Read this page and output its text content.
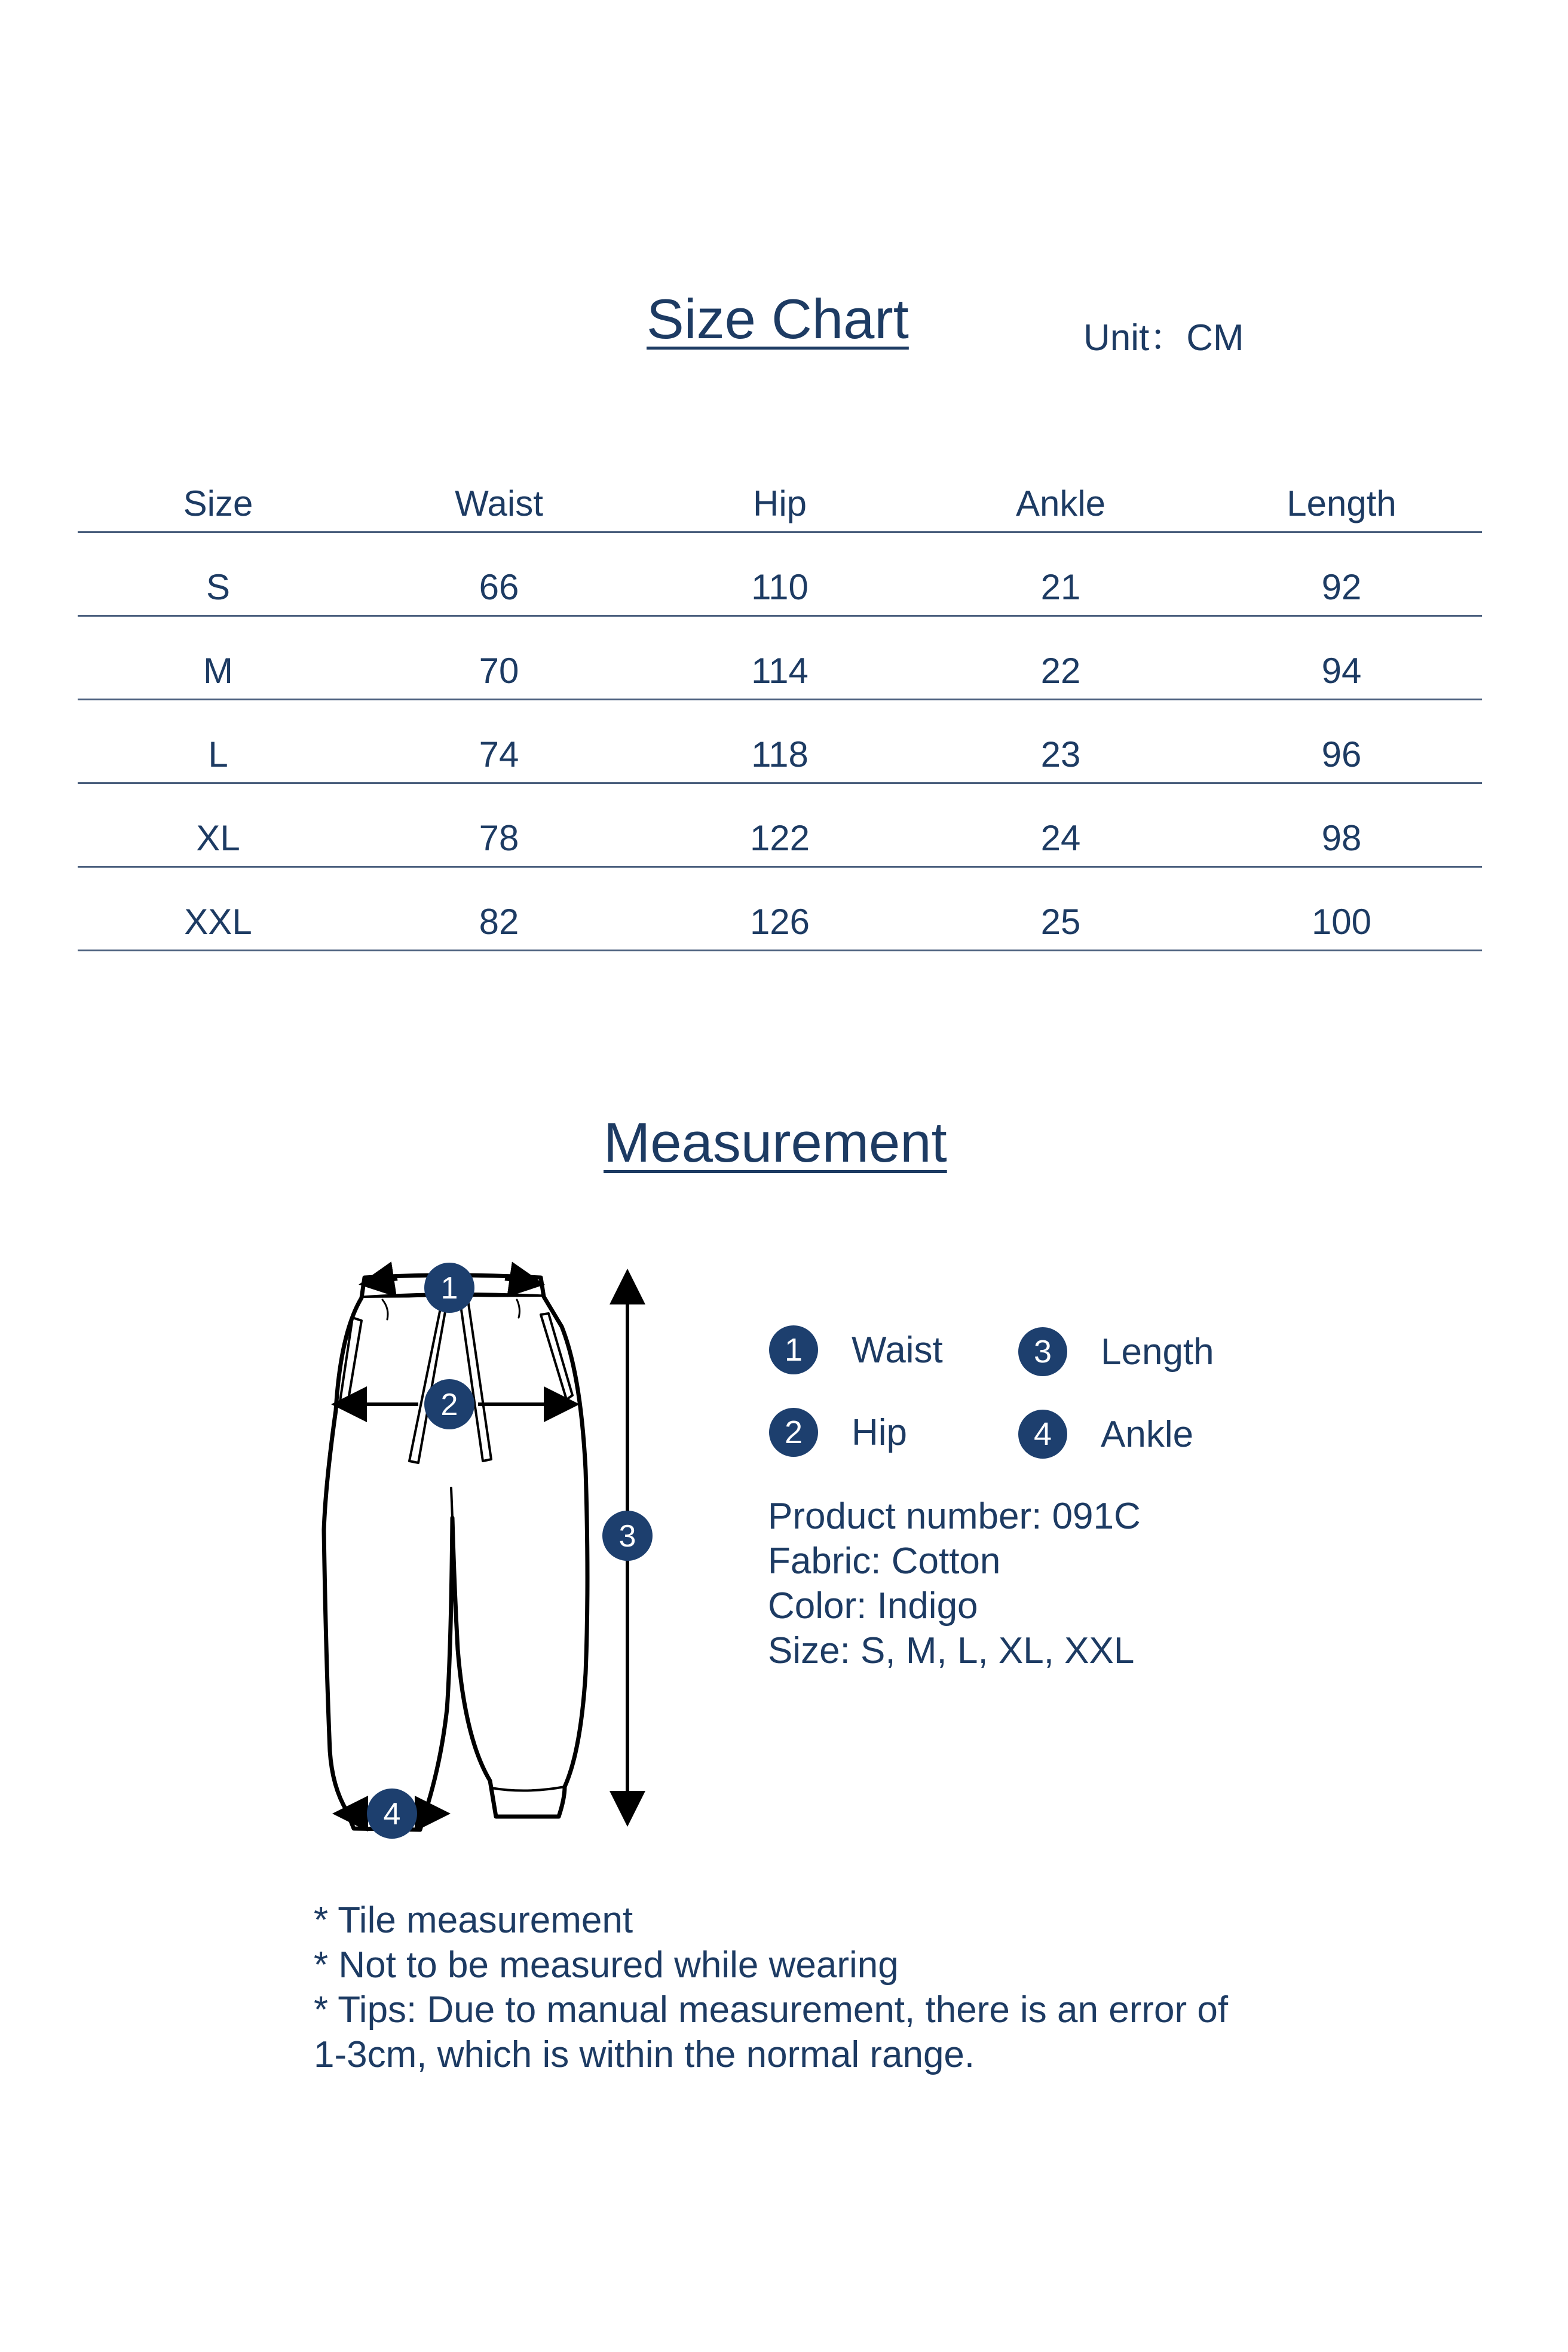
Size Chart	Unit：CM
Size	Waist	Hip	Ankle	Length
S	66	110	21	92
M	70	114	22	94
L	74	118	23	96
XL	78	122	24	98
XXL	82	126	25	100
Measurement
1
2
3
4
1	Waist	3	Length
2	Hip	4	Ankle
Product number: 091C
Fabric: Cotton
Color: Indigo
Size: S, M, L, XL, XXL
* Tile measurement
* Not to be measured while wearing
* Tips: Due to manual measurement, there is an error of
1-3cm, which is within the normal range.
